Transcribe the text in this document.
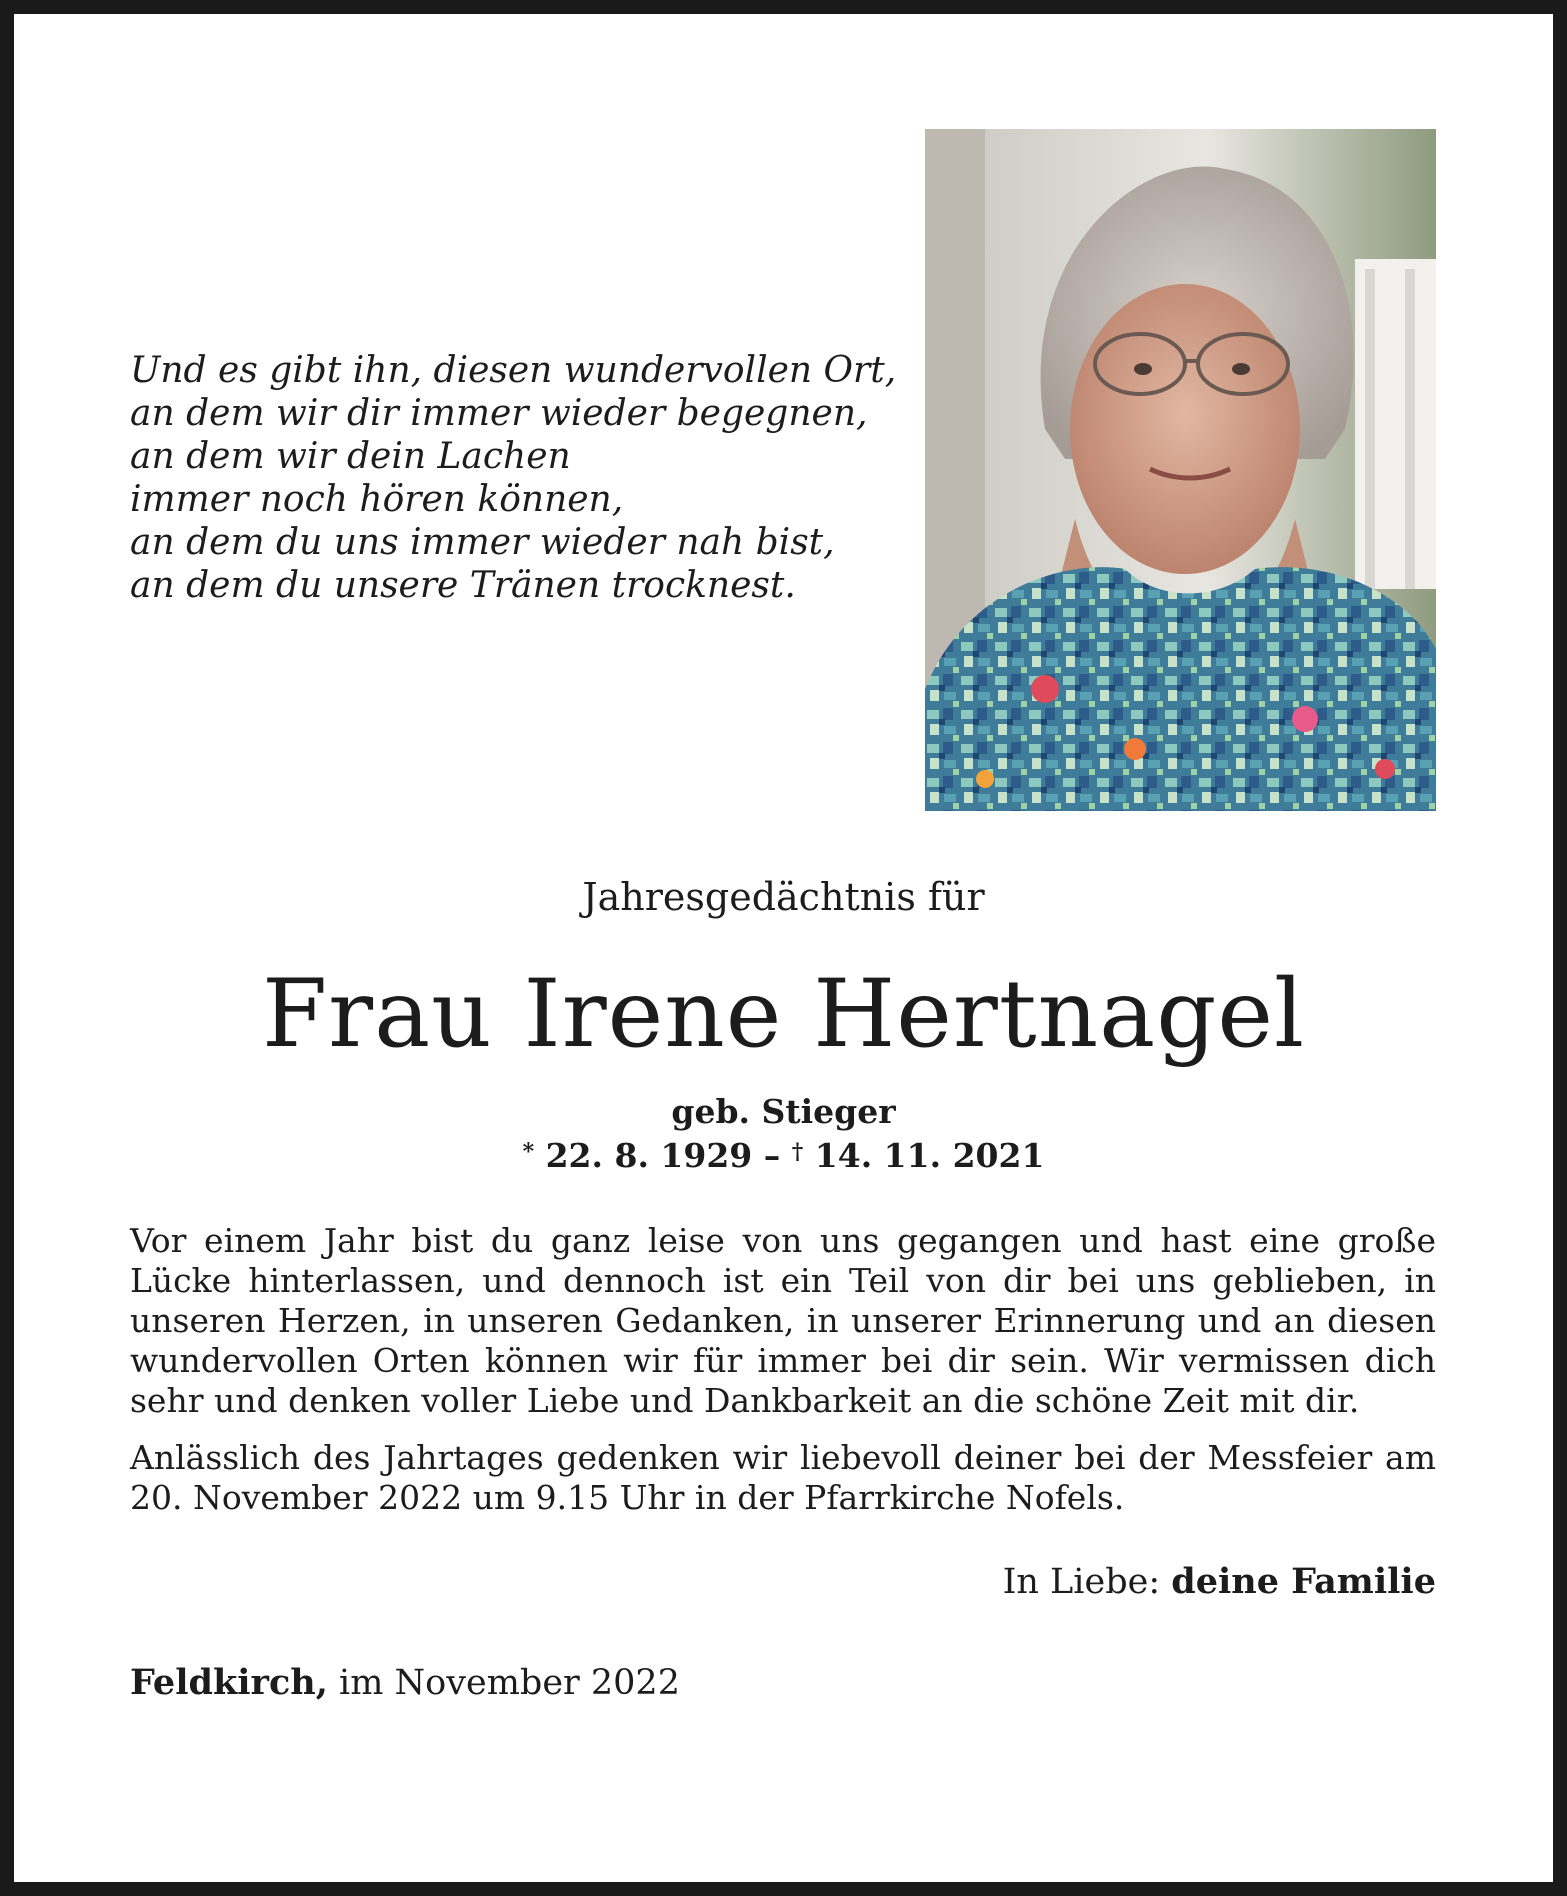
Und es gibt ihn, diesen wundervollen Ort,
an dem wir dir immer wieder begegnen,
an dem wir dein Lachen
immer noch hören können,
an dem du uns immer wieder nah bist,
an dem du unsere Tränen trocknest.
Jahresgedächtnis für
Frau Irene Hertnagel
geb. Stieger
* 22. 8. 1929 – † 14. 11. 2021
Vor einem Jahr bist du ganz leise von uns gegangen und hast eine große Lücke hinterlassen, und dennoch ist ein Teil von dir bei uns geblieben, in unseren Herzen, in unseren Gedanken, in unserer Erinnerung und an diesen wundervollen Orten können wir für immer bei dir sein. Wir vermissen dich sehr und denken voller Liebe und Dankbarkeit an die schöne Zeit mit dir.
Anlässlich des Jahrtages gedenken wir liebevoll deiner bei der Messfeier am 20. November 2022 um 9.15 Uhr in der Pfarrkirche Nofels.
In Liebe: deine Familie
Feldkirch, im November 2022
